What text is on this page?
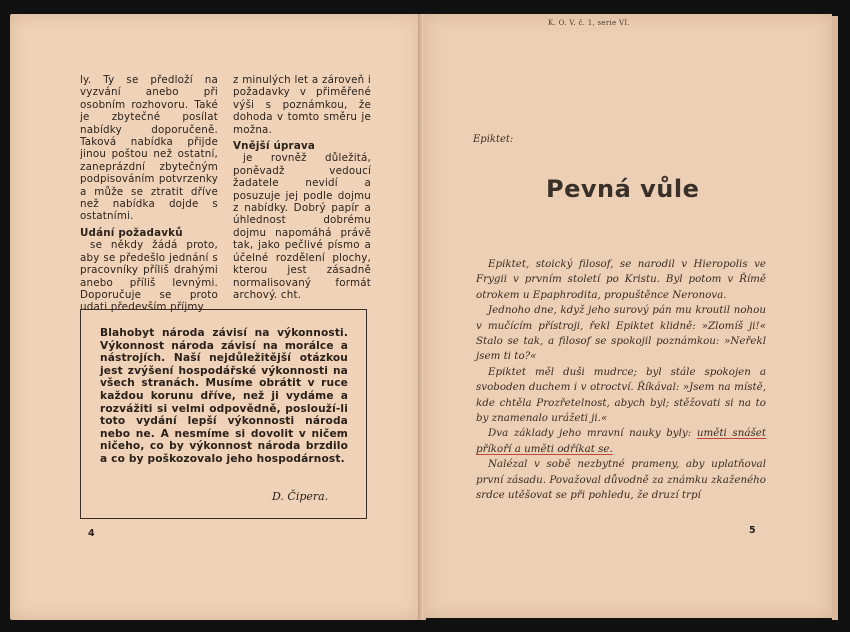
ly. Ty se předloží na vyzvání anebo při osobním rozhovoru. Také je zbytečné posílat nabídky doporučeně. Taková nabídka přijde jinou poštou než ostatní, zaneprázdní zbytečným podpisováním potvrzenky a může se ztratit dříve než nabídka dojde s ostatními.

Udání požadavků

se někdy žádá proto, aby se předešlo jednání s pracovníky příliš drahými anebo příliš levnými. Doporučuje se proto udati především příjmy

z minulých let a zároveň i požadavky v přiměřené výši s poznámkou, že dohoda v tomto směru je možna.

Vnější úprava

je rovněž důležitá, poněvadž vedoucí žadatele nevidí a posuzuje jej podle dojmu z nabídky. Dobrý papír a úhlednost dobrému dojmu napomáhá právě tak, jako pečlivé písmo a účelné rozdělení plochy, kterou jest zásadně normalisovaný formát archový. cht.

Blahobyt národa závisí na výkonnosti. Výkonnost národa závisí na morálce a nástrojích. Naší nejdůležitější otázkou jest zvýšení hospodářské výkonnosti na všech stranách. Musíme obrátit v ruce každou korunu dříve, než ji vydáme a rozvážiti si velmi odpovědně, poslouží-li toto vydání lepší výkonnosti národa nebo ne. A nesmíme si dovolit v ničem ničeho, co by výkonnost národa brzdilo a co by poškozovalo jeho hospodárnost.
D. Čipera.
4
K. O. V. č. 1, serie VI.
Epiktet:
Pevná vůle

Epiktet, stoický filosof, se narodil v Hieropolis ve Frygii v prvním století po Kristu. Byl potom v Římě otrokem u Epaphrodita, propuštěnce Neronova.

Jednoho dne, když jeho surový pán mu kroutil nohou v mučícím přístroji, řekl Epiktet klidně: »Zlomíš ji!« Stalo se tak, a filosof se spokojil poznámkou: »Neřekl jsem ti to?«

Epiktet měl duši mudrce; byl stále spokojen a svoboden duchem i v otroctví. Říkával: »Jsem na místě, kde chtěla Prozřetelnost, abych byl; stěžovati si na to by znamenalo urážeti ji.«

Dva základy jeho mravní nauky byly: uměti snášet příkoří a uměti odříkat se.

Nalézal v sobě nezbytné prameny, aby uplatňoval první zásadu. Považoval důvodně za známku zkaženého srdce utěšovat se při pohledu, že druzí trpí

5
